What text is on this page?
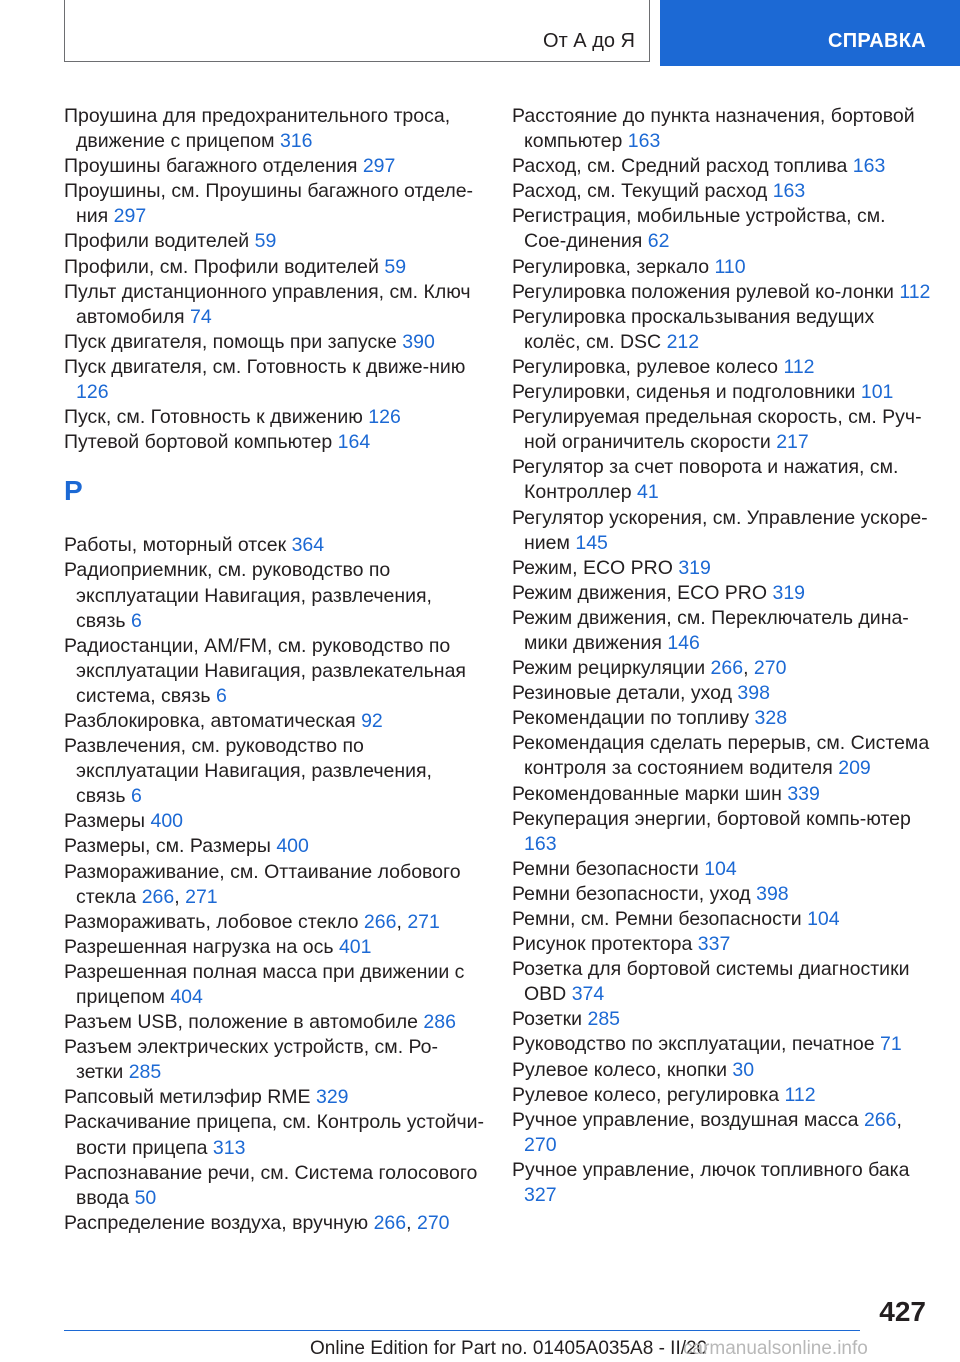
От А до Я	СПРАВКА
Проушина для предохранительного троса, движение с прицепом 316
Проушины багажного отделения 297
Проушины, см. Проушины багажного отделе-ния 297
Профили водителей 59
Профили, см. Профили водителей 59
Пульт дистанционного управления, см. Ключ автомобиля 74
Пуск двигателя, помощь при запуске 390
Пуск двигателя, см. Готовность к движе-нию 126
Пуск, см. Готовность к движению 126
Путевой бортовой компьютер 164
Р
Работы, моторный отсек 364
Радиоприемник, см. руководство по эксплуатации Навигация, развлечения, связь 6
Радиостанции, AM/FM, см. руководство по эксплуатации Навигация, развлекательная система, связь 6
Разблокировка, автоматическая 92
Развлечения, см. руководство по эксплуатации Навигация, развлечения, связь 6
Размеры 400
Размеры, см. Размеры 400
Размораживание, см. Оттаивание лобового стекла 266, 271
Размораживать, лобовое стекло 266, 271
Разрешенная нагрузка на ось 401
Разрешенная полная масса при движении с прицепом 404
Разъем USB, положение в автомобиле 286
Разъем электрических устройств, см. Ро-зетки 285
Рапсовый метилэфир RME 329
Раскачивание прицепа, см. Контроль устойчи-вости прицепа 313
Распознавание речи, см. Система голосового ввода 50
Распределение воздуха, вручную 266, 270
Расстояние до пункта назначения, бортовой компьютер 163
Расход, см. Средний расход топлива 163
Расход, см. Текущий расход 163
Регистрация, мобильные устройства, см. Сое-динения 62
Регулировка, зеркало 110
Регулировка положения рулевой ко-лонки 112
Регулировка проскальзывания ведущих колёс, см. DSC 212
Регулировка, рулевое колесо 112
Регулировки, сиденья и подголовники 101
Регулируемая предельная скорость, см. Руч-ной ограничитель скорости 217
Регулятор за счет поворота и нажатия, см. Контроллер 41
Регулятор ускорения, см. Управление ускоре-нием 145
Режим, ECO PRO 319
Режим движения, ECO PRO 319
Режим движения, см. Переключатель дина-мики движения 146
Режим рециркуляции 266, 270
Резиновые детали, уход 398
Рекомендации по топливу 328
Рекомендация сделать перерыв, см. Система контроля за состоянием водителя 209
Рекомендованные марки шин 339
Рекуперация энергии, бортовой компь-ютер 163
Ремни безопасности 104
Ремни безопасности, уход 398
Ремни, см. Ремни безопасности 104
Рисунок протектора 337
Розетка для бортовой системы диагностики OBD 374
Розетки 285
Руководство по эксплуатации, печатное 71
Рулевое колесо, кнопки 30
Рулевое колесо, регулировка 112
Ручное управление, воздушная масса 266, 270
Ручное управление, лючок топливного бака 327
427
Online Edition for Part no. 01405A035A8 - II/20
carmanualsonline.info
